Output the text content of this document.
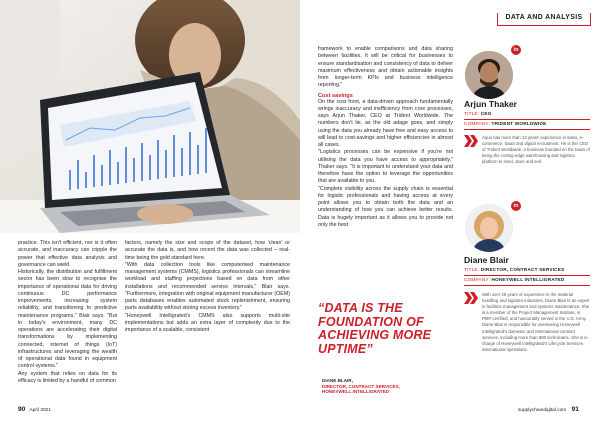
DATA AND ANALYSIS

practice. This isn't efficient, nor is it often accurate, and inaccuracy can cripple the power that effective data analysis and governance can wield.
Historically, the distribution and fulfillment sector has been slow to recognise the importance of operational data for driving continuous DC performance improvements, increasing system reliability, and transitioning to predictive maintenance programs," Blair says. "But in today's environment, many DC operations are accelerating their digital transformations by implementing connected, internet of things (IoT) infrastructures and leveraging the wealth of operational data found in equipment control systems."
Any system that relies on data for its efficacy is limited by a handful of common

factors, namely the size and scope of the dataset, how 'clean' or accurate the data is, and how recent the data was collected – real-time being the gold standard here.
"With data collection tools like computerised maintenance management systems (CMMS), logistics professionals can streamline workload and staffing projections based on data from other installations and recommended service intervals," Blair says. "Furthermore, integration with original equipment manufacturer (OEM) parts databases enables automated stock replenishment, ensuring parts availability without storing excess inventory."
"Honeywell Intelligrated's CMMS also supports multi-site implementations but adds an extra layer of complexity due to the importance of a scalable, consistent

framework to enable comparisons and data sharing between facilities. It will be critical for businesses to ensure standardisation and consistency of data to deliver maximum effectiveness and obtain actionable insights from longer-term KPIs and business intelligence reporting."

Cost savings

On the cost front, a data-driven approach fundamentally wrings inaccuracy and inefficiency from core processes, says Arjun Thaker, CEO at Trident Worldwide. The numbers don't lie, as the old adage goes, and simply using the data you already have free and easy access to will lead to cost-savings and higher efficiencies in almost all cases.
"Logistics processes can be expensive if you're not utilising the data you have access to appropriately," Thaker says. "It is important to understand your data and therefore have the option to leverage the opportunities that are available to you.
"Complete visibility across the supply chain is essential for logistic professionals and having access at every point allows you to obtain both the data and an understanding of how you can achieve better results. Data is hugely important as it allows you to provide not only the best

“DATA IS THE FOUNDATION OF ACHIEVING MORE UPTIME”
DIANE BLAIR,
DIRECTOR, CONTRACT SERVICES,
HONEYWELL INTELLIGRATED
in
Arjun Thaker
TITLE: CEO
COMPANY: TRIDENT WORLDWIDE
Arjun has more than 13 years' experience in sales, e-commerce, SaaS and digital recruitment. He is the CEO of Trident Worldwide, a business founded on the basis of being the cutting-edge warehousing and logistics platform to send, store and sell.
in
Diane Blair
TITLE: DIRECTOR, CONTRACT SERVICES
COMPANY: HONEYWELL INTELLIGRATED
With over 25 years of experience in the material handling and logistics industries, Diane Blair is an expert in facilities management and systems maintenance. She is a member of the Project Management Institute, is PMP certified, and honourably served in the U.S. Army. Diane Blair is responsible for overseeing Honeywell Intelligrated's domestic and international contract services, including more than 800 technicians. She is in charge of Honeywell Intelligrated's Lifecycle Services international operations.
90 April 2021	supplychaindigital.com 91
